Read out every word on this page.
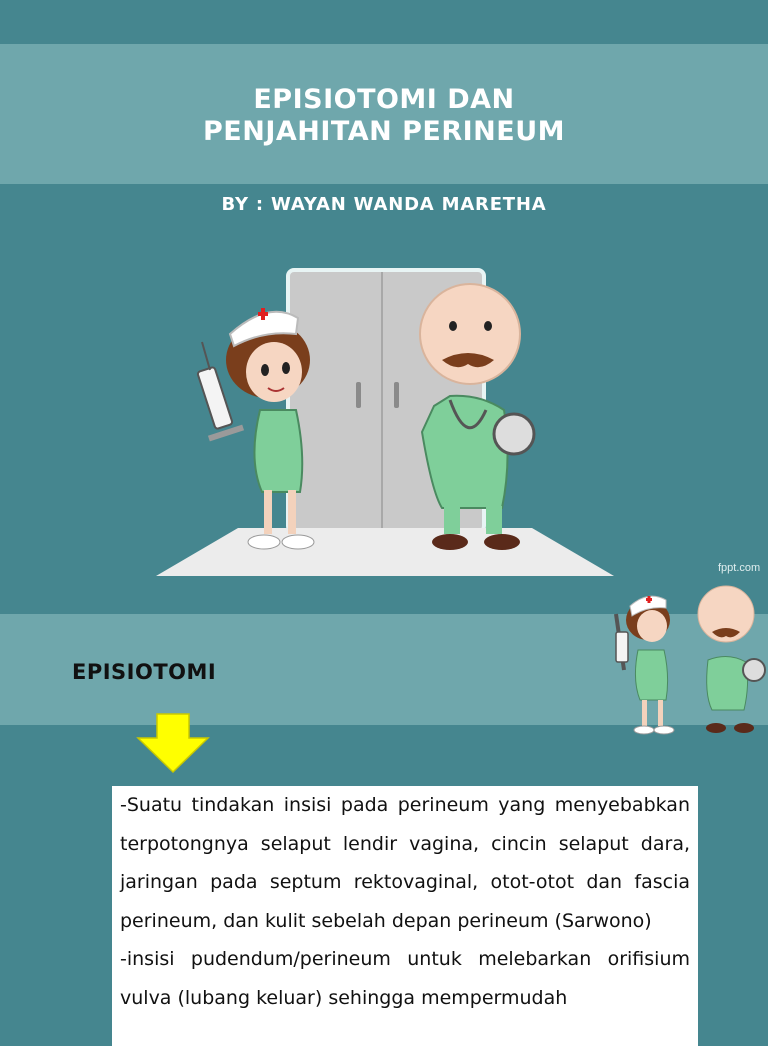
EPISIOTOMI DAN
PENJAHITAN PERINEUM
BY : WAYAN WANDA MARETHA
fppt.com
EPISIOTOMI

-Suatu tindakan insisi pada perineum yang menyebabkan terpotongnya selaput lendir vagina, cincin selaput dara, jaringan pada septum rektovaginal, otot-otot dan fascia perineum, dan kulit sebelah depan perineum (Sarwono)

-insisi pudendum/perineum untuk melebarkan orifisium vulva (lubang keluar) sehingga mempermudah
